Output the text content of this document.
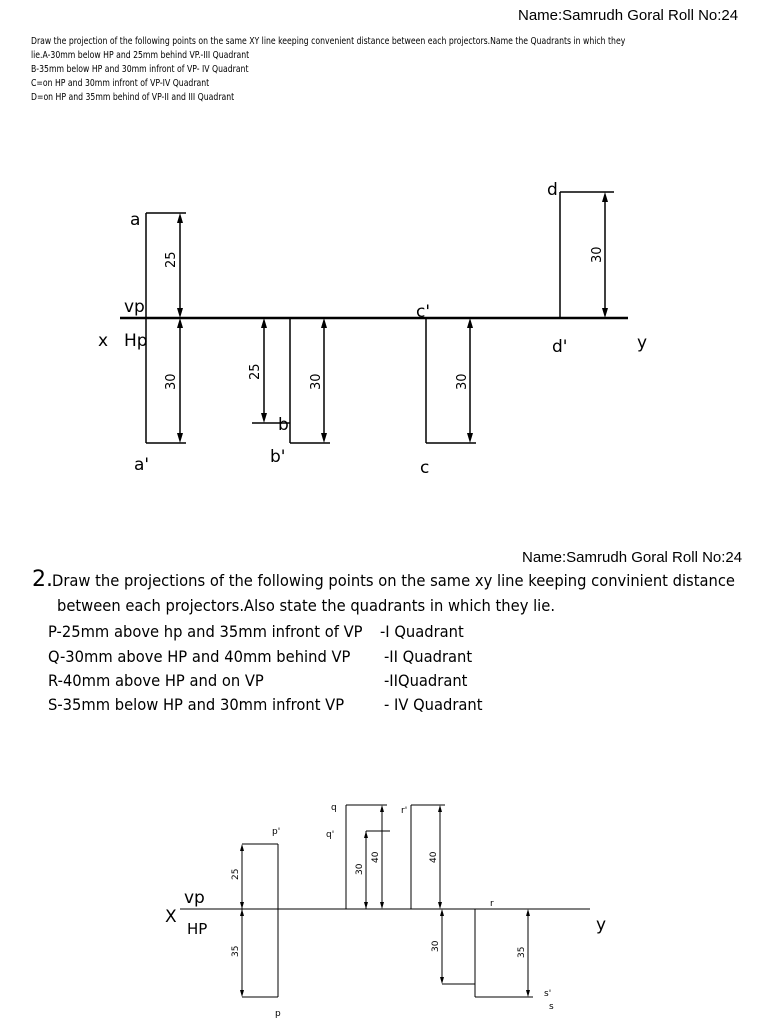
Name:Samrudh Goral Roll No:24
Draw the projection of the following points on the same XY line keeping convenient distance between each projectors.Name the Quadrants in which they
lie.A-30mm below HP and 25mm behind VP.-III Quadrant
B-35mm below HP and 30mm infront of VP- IV Quadrant
C=on HP and 30mm infront of VP-IV Quadrant
D=on HP and 35mm behind of VP-II and III Quadrant
x	y
vp
Hp
a
a'
25
30
b
b'
25
30
c'
c
30
d
d'
30
Name:Samrudh Goral Roll No:24
2. Draw the projections of the following points on the same xy line keeping convinient distance
between each projectors.Also state the quadrants in which they lie.
P-25mm above hp and 35mm infront of VP -I Quadrant
Q-30mm above HP and 40mm behind VP -II Quadrant
R-40mm above HP and on VP	-IIQuadrant
S-35mm below HP and 30mm infront VP - IV Quadrant
X	y
vp
HP
p'
p
25
35
q
q'
30
40
r'
r
40
s'
s
30
35
